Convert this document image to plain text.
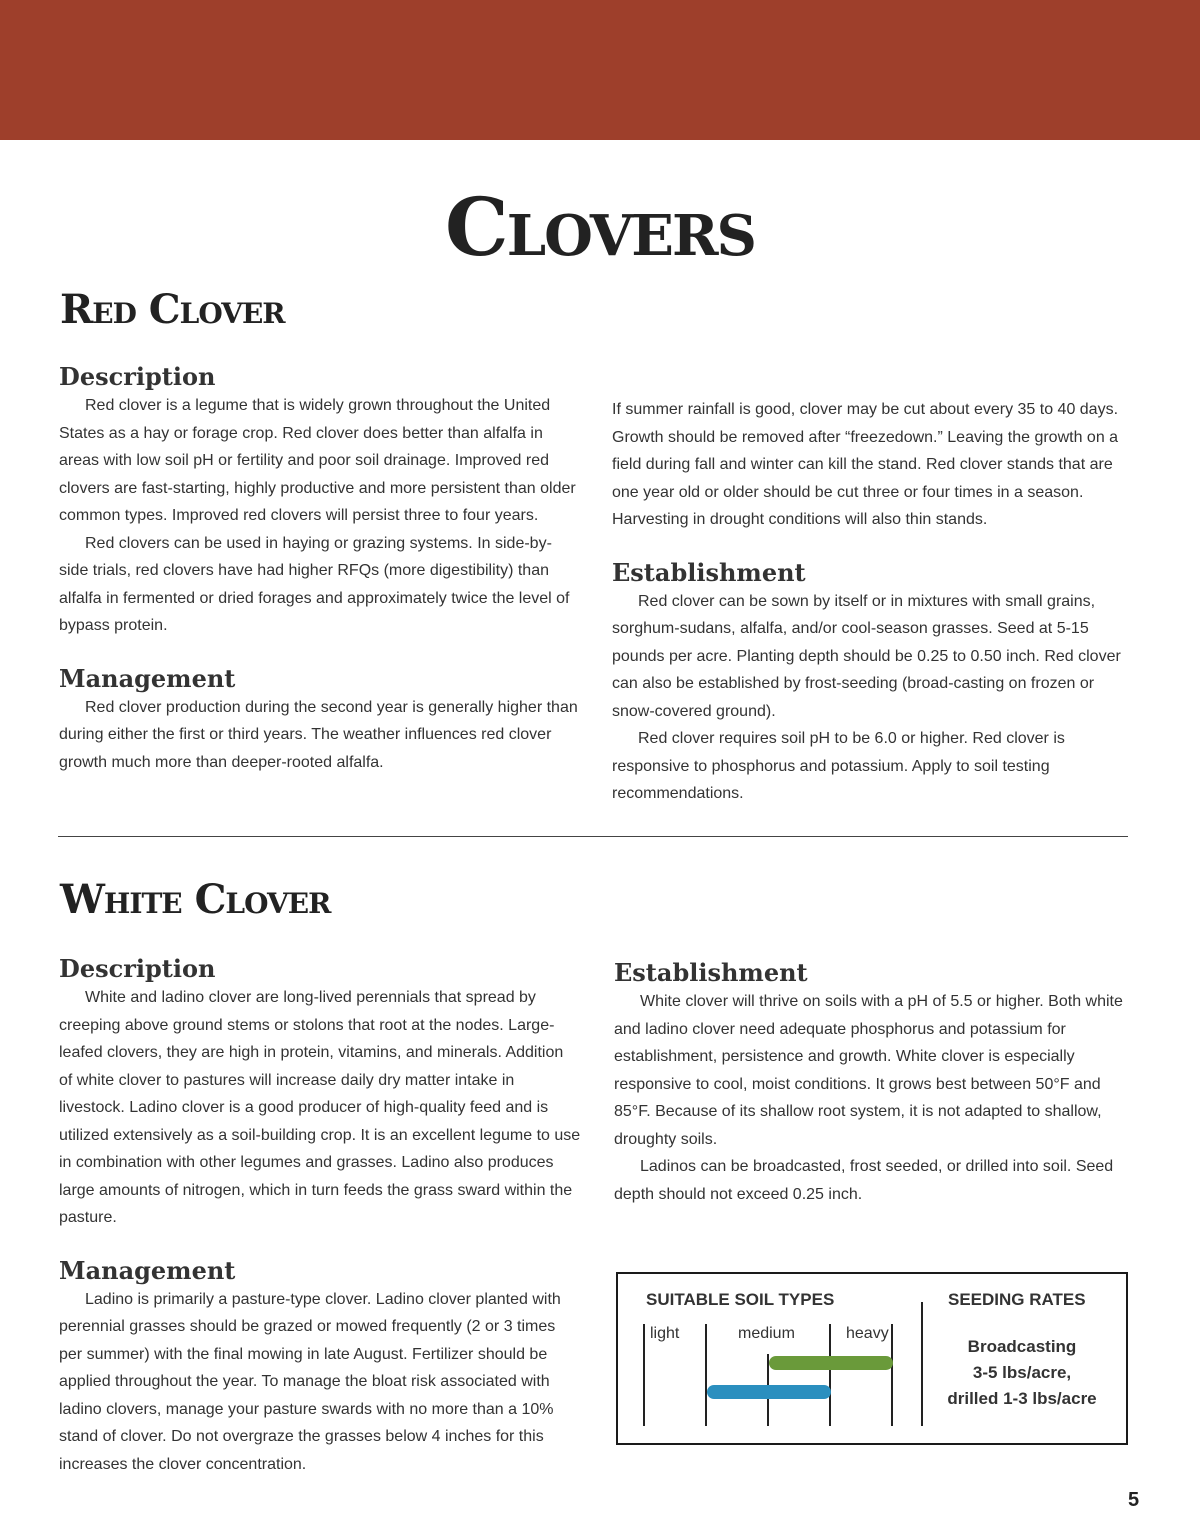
Clovers
Red Clover
Description

Red clover is a legume that is widely grown throughout the United States as a hay or forage crop. Red clover does better than alfalfa in areas with low soil pH or fertility and poor soil drainage. Improved red clovers are fast-starting, highly productive and more persistent than older common types. Improved red clovers will persist three to four years.

Red clovers can be used in haying or grazing systems. In side-by-side trials, red clovers have had higher RFQs (more digestibility) than alfalfa in fermented or dried forages and approximately twice the level of bypass protein.

Management

Red clover production during the second year is generally higher than during either the first or third years. The weather influences red clover growth much more than deeper-rooted alfalfa.

If summer rainfall is good, clover may be cut about every 35 to 40 days. Growth should be removed after “freezedown.” Leaving the growth on a field during fall and winter can kill the stand. Red clover stands that are one year old or older should be cut three or four times in a season. Harvesting in drought conditions will also thin stands.

Establishment

Red clover can be sown by itself or in mixtures with small grains, sorghum-sudans, alfalfa, and/or cool-season grasses. Seed at 5-15 pounds per acre. Planting depth should be 0.25 to 0.50 inch. Red clover can also be established by frost-seeding (broad-casting on frozen or snow-covered ground).

Red clover requires soil pH to be 6.0 or higher. Red clover is responsive to phosphorus and potassium. Apply to soil testing recommendations.

White Clover
Description

White and ladino clover are long-lived perennials that spread by creeping above ground stems or stolons that root at the nodes. Large-leafed clovers, they are high in protein, vitamins, and minerals. Addition of white clover to pastures will increase daily dry matter intake in livestock. Ladino clover is a good producer of high-quality feed and is utilized extensively as a soil-building crop. It is an excellent legume to use in combination with other legumes and grasses. Ladino also produces large amounts of nitrogen, which in turn feeds the grass sward within the pasture.

Management

Ladino is primarily a pasture-type clover. Ladino clover planted with perennial grasses should be grazed or mowed frequently (2 or 3 times per summer) with the final mowing in late August. Fertilizer should be applied throughout the year. To manage the bloat risk associated with ladino clovers, manage your pasture swards with no more than a 10% stand of clover. Do not overgraze the grasses below 4 inches for this increases the clover concentration.

Establishment

White clover will thrive on soils with a pH of 5.5 or higher. Both white and ladino clover need adequate phosphorus and potassium for establishment, persistence and growth. White clover is especially responsive to cool, moist conditions. It grows best between 50°F and 85°F. Because of its shallow root system, it is not adapted to shallow, droughty soils.

Ladinos can be broadcasted, frost seeded, or drilled into soil. Seed depth should not exceed 0.25 inch.

SUITABLE SOIL TYPES	SEEDING RATES
light	medium	heavy
Broadcasting
3-5 lbs/acre,
drilled 1-3 lbs/acre
5
